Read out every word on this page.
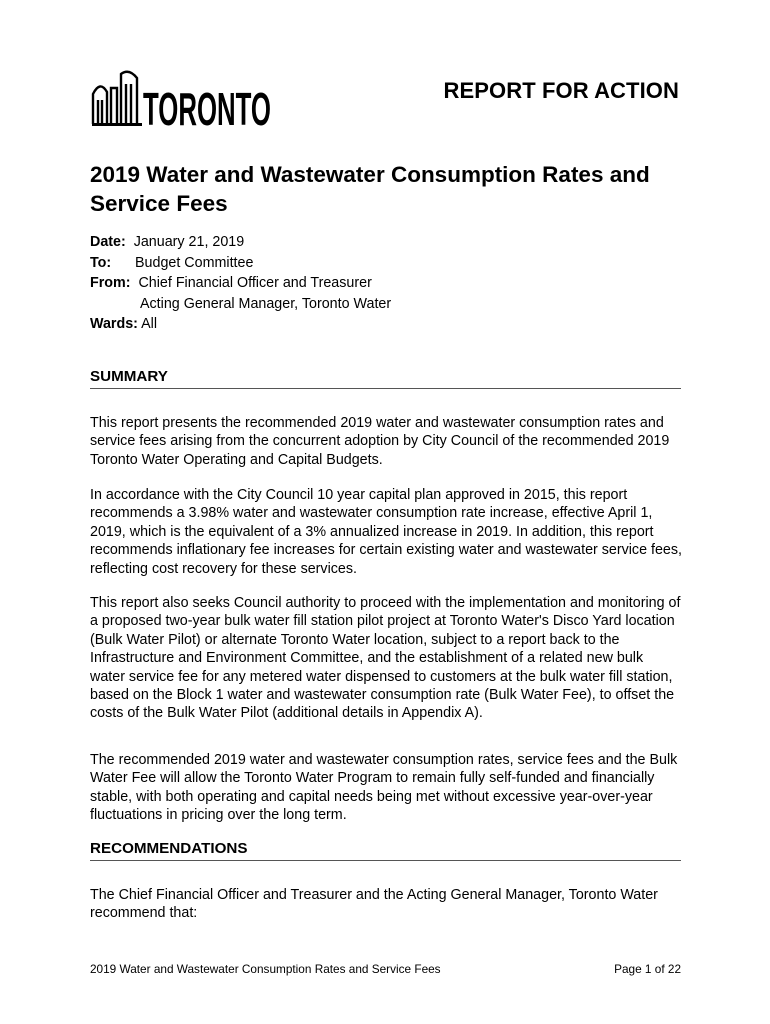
TORONTO	REPORT FOR ACTION
2019 Water and Wastewater Consumption Rates and Service Fees
Date: January 21, 2019
To: Budget Committee
From: Chief Financial Officer and Treasurer
Acting General Manager, Toronto Water
Wards: All
SUMMARY
This report presents the recommended 2019 water and wastewater consumption rates and service fees arising from the concurrent adoption by City Council of the recommended 2019 Toronto Water Operating and Capital Budgets.
In accordance with the City Council 10 year capital plan approved in 2015, this report recommends a 3.98% water and wastewater consumption rate increase, effective April 1, 2019, which is the equivalent of a 3% annualized increase in 2019. In addition, this report recommends inflationary fee increases for certain existing water and wastewater service fees, reflecting cost recovery for these services.
This report also seeks Council authority to proceed with the implementation and monitoring of a proposed two-year bulk water fill station pilot project at Toronto Water's Disco Yard location (Bulk Water Pilot) or alternate Toronto Water location, subject to a report back to the Infrastructure and Environment Committee, and the establishment of a related new bulk water service fee for any metered water dispensed to customers at the bulk water fill station, based on the Block 1 water and wastewater consumption rate (Bulk Water Fee), to offset the costs of the Bulk Water Pilot (additional details in Appendix A).
The recommended 2019 water and wastewater consumption rates, service fees and the Bulk Water Fee will allow the Toronto Water Program to remain fully self-funded and financially stable, with both operating and capital needs being met without excessive year-over-year fluctuations in pricing over the long term.
RECOMMENDATIONS
The Chief Financial Officer and Treasurer and the Acting General Manager, Toronto Water recommend that:
2019 Water and Wastewater Consumption Rates and Service Fees	Page 1 of 22
